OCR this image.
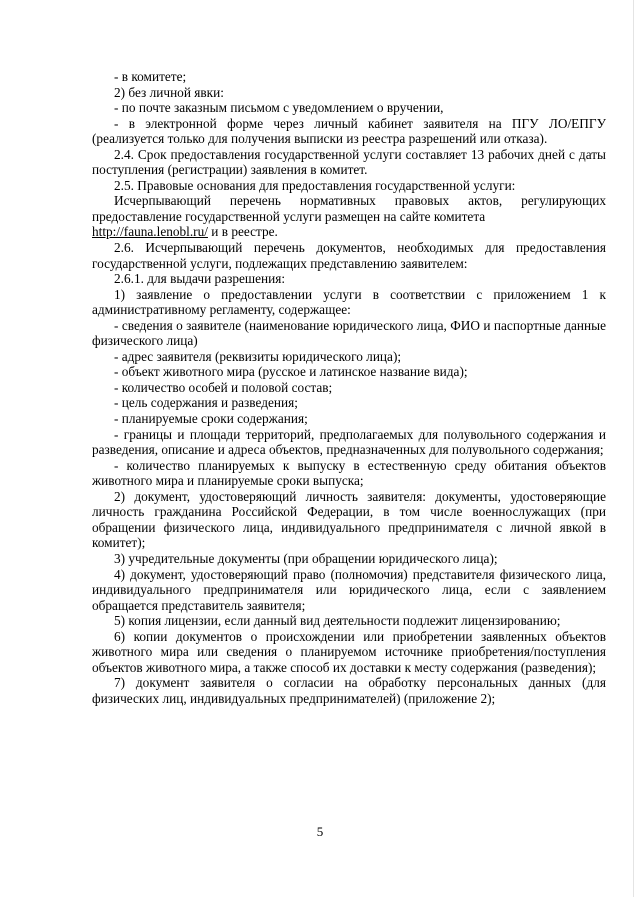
- в комитете;

2) без личной явки:

- по почте заказным письмом с уведомлением о вручении,

- в электронной форме через личный кабинет заявителя на ПГУ ЛО/ЕПГУ (реализуется только для получения выписки из реестра разрешений или отказа).

2.4. Срок предоставления государственной услуги составляет 13 рабочих дней с даты поступления (регистрации) заявления в комитет.

2.5. Правовые основания для предоставления государственной услуги:

Исчерпывающий перечень нормативных правовых актов, регулирующих предоставление государственной услуги размещен на сайте комитета
http://fauna.lenobl.ru/ и в реестре.

2.6. Исчерпывающий перечень документов, необходимых для предоставления государственной услуги, подлежащих представлению заявителем:

2.6.1. для выдачи разрешения:

1) заявление о предоставлении услуги в соответствии с приложением 1 к административному регламенту, содержащее:

- сведения о заявителе (наименование юридического лица, ФИО и паспортные данные физического лица)

- адрес заявителя (реквизиты юридического лица);

- объект животного мира (русское и латинское название вида);

- количество особей и половой состав;

- цель содержания и разведения;

- планируемые сроки содержания;

- границы и площади территорий, предполагаемых для полувольного содержания и разведения, описание и адреса объектов, предназначенных для полувольного содержания;

- количество планируемых к выпуску в естественную среду обитания объектов животного мира и планируемые сроки выпуска;

2) документ, удостоверяющий личность заявителя: документы, удостоверяющие личность гражданина Российской Федерации, в том числе военнослужащих (при обращении физического лица, индивидуального предпринимателя с личной явкой в комитет);

3) учредительные документы (при обращении юридического лица);

4) документ, удостоверяющий право (полномочия) представителя физического лица, индивидуального предпринимателя или юридического лица, если с заявлением обращается представитель заявителя;

5) копия лицензии, если данный вид деятельности подлежит лицензированию;

6) копии документов о происхождении или приобретении заявленных объектов животного мира или сведения о планируемом источнике приобретения/поступления объектов животного мира, а также способ их доставки к месту содержания (разведения);

7) документ заявителя о согласии на обработку персональных данных (для физических лиц, индивидуальных предпринимателей) (приложение 2);

5
